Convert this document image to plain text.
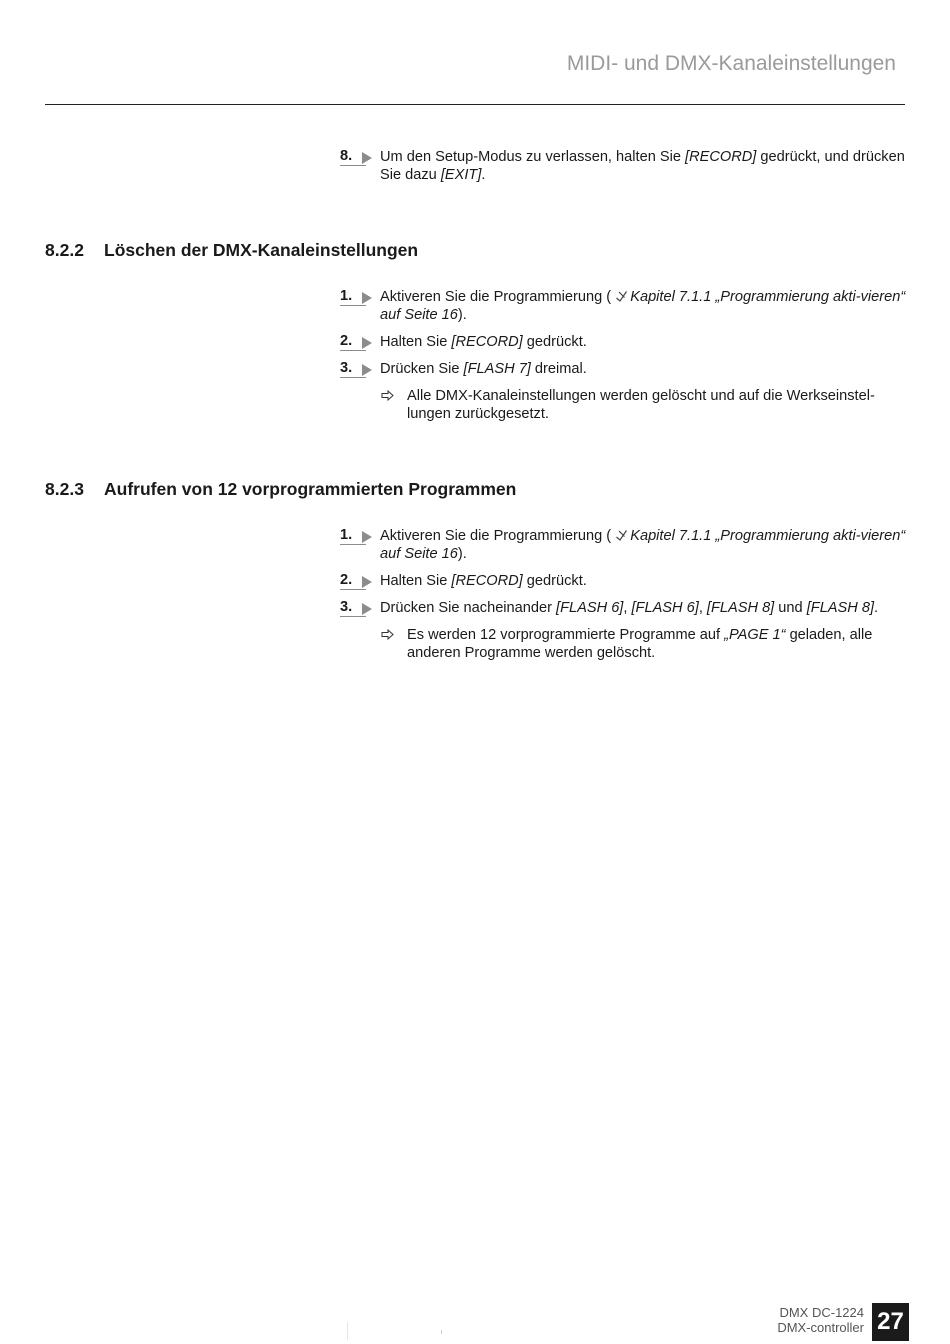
MIDI- und DMX-Kanaleinstellungen
8.	Um den Setup-Modus zu verlassen, halten Sie [RECORD] gedrückt, und drücken Sie dazu [EXIT].
8.2.2 Löschen der DMX-Kanaleinstellungen
1.	Aktiveren Sie die Programmierung ( Kapitel 7.1.1 „Programmierung akti-vieren“ auf Seite 16).
2.	Halten Sie [RECORD] gedrückt.
3.	Drücken Sie [FLASH 7] dreimal.
Alle DMX-Kanaleinstellungen werden gelöscht und auf die Werkseinstel-lungen zurückgesetzt.
8.2.3 Aufrufen von 12 vorprogrammierten Programmen
1.	Aktiveren Sie die Programmierung ( Kapitel 7.1.1 „Programmierung akti-vieren“ auf Seite 16).
2.	Halten Sie [RECORD] gedrückt.
3.	Drücken Sie nacheinander [FLASH 6], [FLASH 6], [FLASH 8] und [FLASH 8].
Es werden 12 vorprogrammierte Programme auf „PAGE 1“ geladen, alle anderen Programme werden gelöscht.
DMX DC-1224
DMX-controller 27
